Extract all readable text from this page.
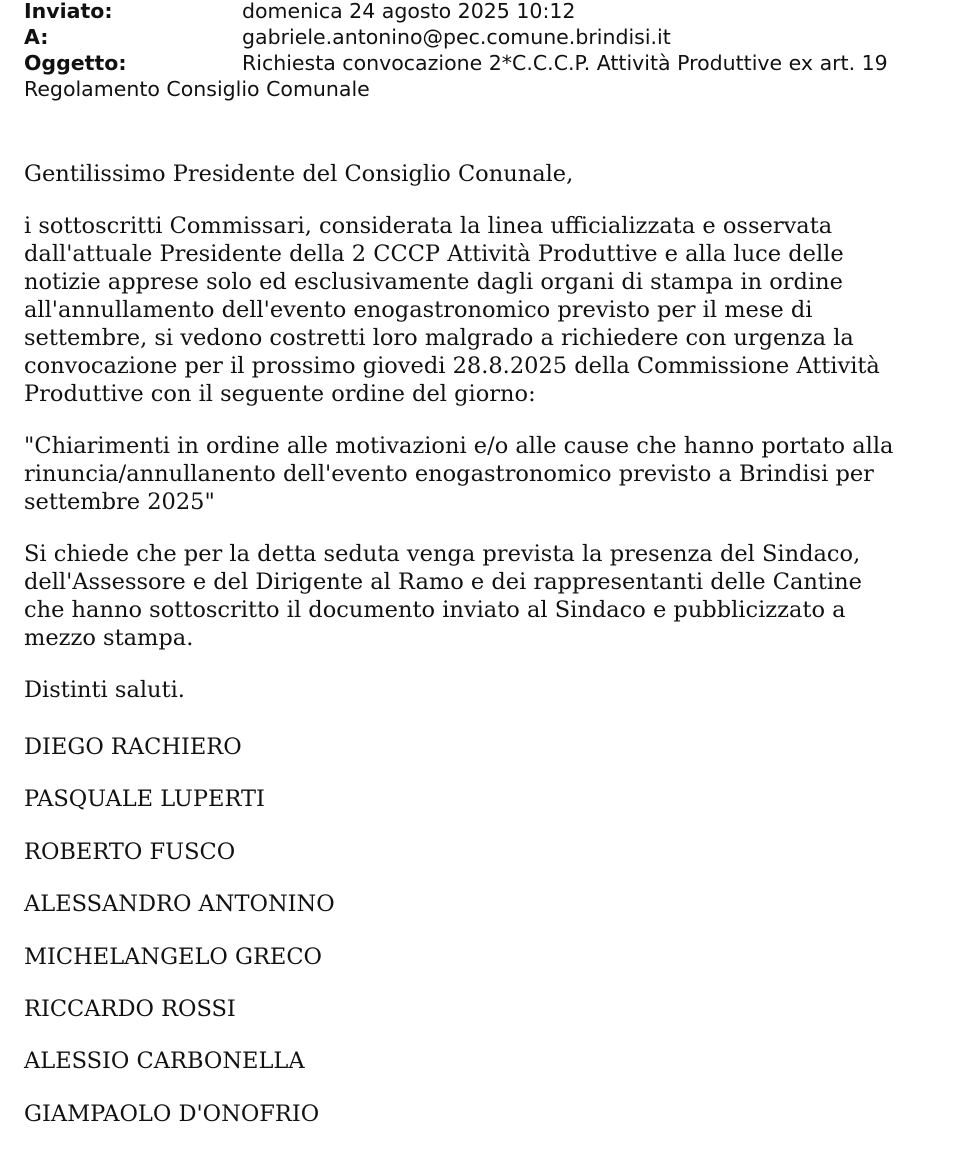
Inviato:	domenica 24 agosto 2025 10:12
A:	gabriele.antonino@pec.comune.brindisi.it
Oggetto:	Richiesta convocazione 2*C.C.C.P. Attività Produttive ex art. 19
Regolamento Consiglio Comunale

Gentilissimo Presidente del Consiglio Conunale,

i sottoscritti Commissari, considerata la linea ufficializzata e osservata
dall'attuale Presidente della 2 CCCP Attività Produttive e alla luce delle
notizie apprese solo ed esclusivamente dagli organi di stampa in ordine
all'annullamento dell'evento enogastronomico previsto per il mese di
settembre, si vedono costretti loro malgrado a richiedere con urgenza la
convocazione per il prossimo giovedi 28.8.2025 della Commissione Attività
Produttive con il seguente ordine del giorno:

"Chiarimenti in ordine alle motivazioni e/o alle cause che hanno portato alla
rinuncia/annullanento dell'evento enogastronomico previsto a Brindisi per
settembre 2025"

Si chiede che per la detta seduta venga prevista la presenza del Sindaco,
dell'Assessore e del Dirigente al Ramo e dei rappresentanti delle Cantine
che hanno sottoscritto il documento inviato al Sindaco e pubblicizzato a
mezzo stampa.

Distinti saluti.

DIEGO RACHIERO
PASQUALE LUPERTI
ROBERTO FUSCO
ALESSANDRO ANTONINO
MICHELANGELO GRECO
RICCARDO ROSSI
ALESSIO CARBONELLA
GIAMPAOLO D'ONOFRIO
